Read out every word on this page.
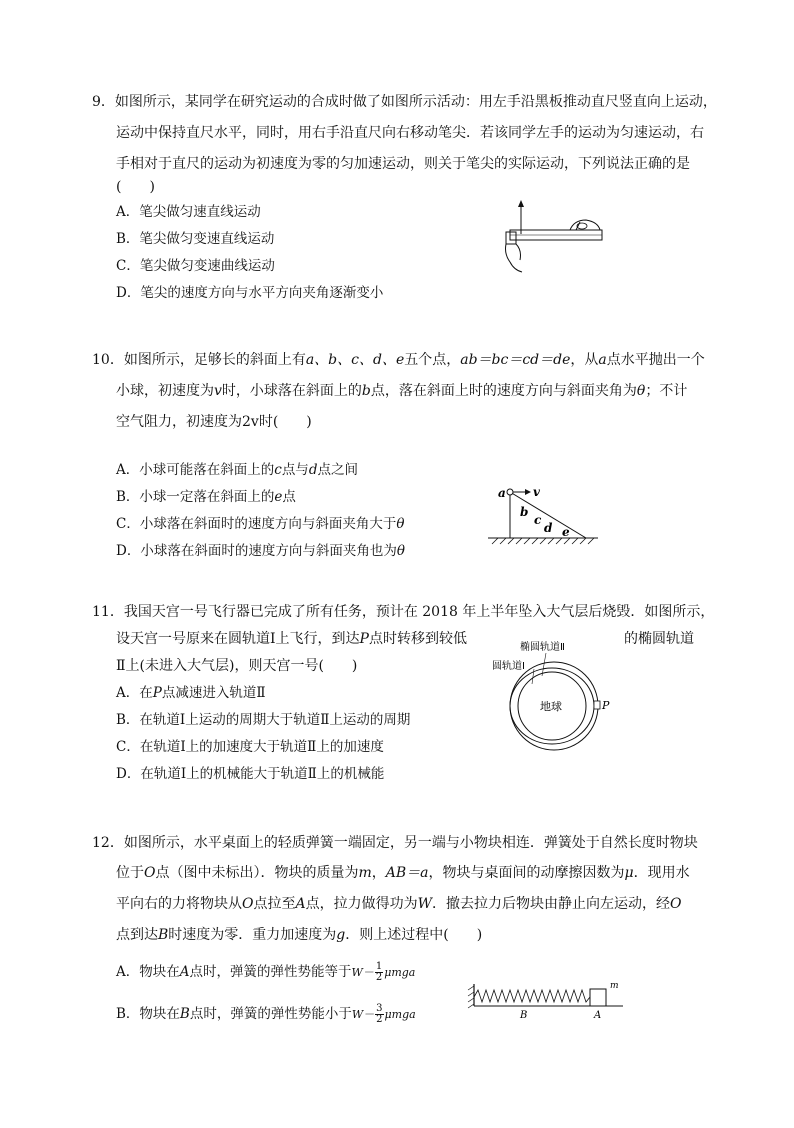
9．如图所示，某同学在研究运动的合成时做了如图所示活动：用左手沿黑板推动直尺竖直向上运动，
运动中保持直尺水平，同时，用右手沿直尺向右移动笔尖．若该同学左手的运动为匀速运动，右
手相对于直尺的运动为初速度为零的匀加速运动，则关于笔尖的实际运动，下列说法正确的是
(　　)
A．笔尖做匀速直线运动
B．笔尖做匀变速直线运动
C．笔尖做匀变速曲线运动
D．笔尖的速度方向与水平方向夹角逐渐变小
10．如图所示，足够长的斜面上有a、b、c、d、e五个点，ab＝bc＝cd＝de，从a点水平抛出一个
小球，初速度为v时，小球落在斜面上的b点，落在斜面上时的速度方向与斜面夹角为θ；不计
空气阻力，初速度为2v时(　　)
A．小球可能落在斜面上的c点与d点之间
B．小球一定落在斜面上的e点
C．小球落在斜面时的速度方向与斜面夹角大于θ
D．小球落在斜面时的速度方向与斜面夹角也为θ
a v
b
c
d e
11．我国天宫一号飞行器已完成了所有任务，预计在 2018 年上半年坠入大气层后烧毁．如图所示，
设天宫一号原来在圆轨道Ⅰ上飞行，到达P点时转移到较低	的椭圆轨道
Ⅱ上(未进入大气层)，则天宫一号(　　)
A．在P点减速进入轨道Ⅱ
B．在轨道Ⅰ上运动的周期大于轨道Ⅱ上运动的周期
C．在轨道Ⅰ上的加速度大于轨道Ⅱ上的加速度
D．在轨道Ⅰ上的机械能大于轨道Ⅱ上的机械能
椭圆轨道Ⅱ
圆轨道Ⅰ
地球	P
12．如图所示，水平桌面上的轻质弹簧一端固定，另一端与小物块相连．弹簧处于自然长度时物块
位于O点（图中未标出）．物块的质量为m，AB＝a，物块与桌面间的动摩擦因数为μ．现用水
平向右的力将物块从O点拉至A点，拉力做得功为W．撤去拉力后物块由静止向左运动，经O
点到达B时速度为零．重力加速度为g．则上述过程中(　　)
A．物块在A点时，弹簧的弹性势能等于$W- \frac{1}{2}$ μmga
B．物块在B点时，弹簧的弹性势能小于$W- \frac{3}{2}$ μmga
m
B	A
